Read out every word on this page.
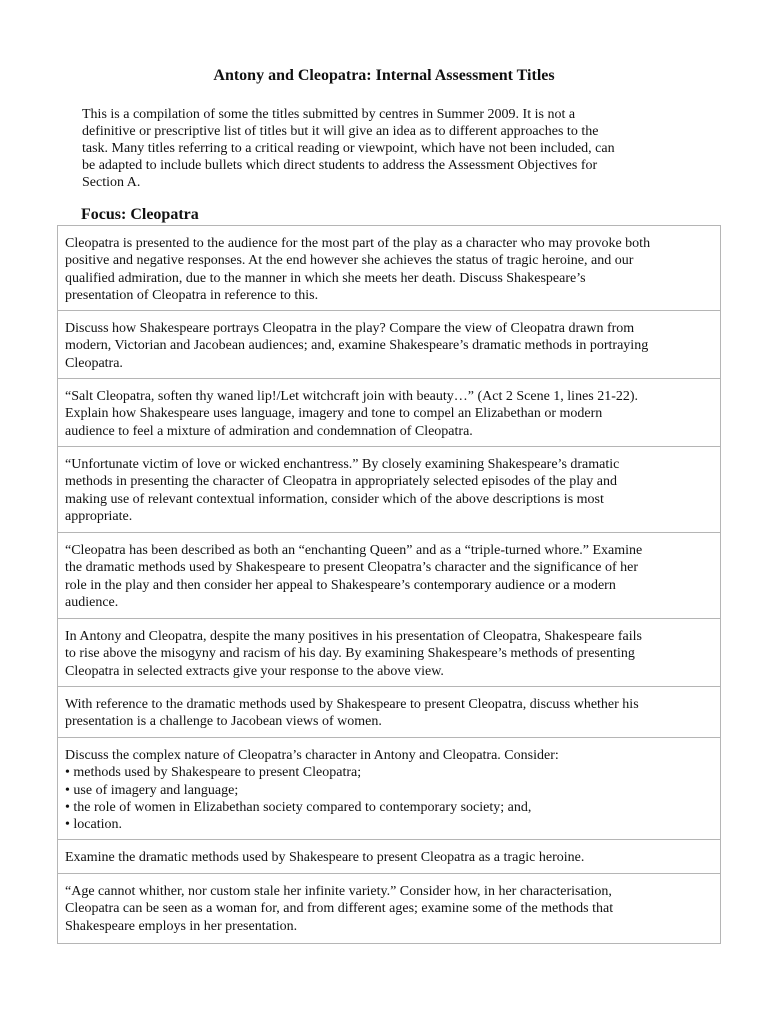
Antony and Cleopatra: Internal Assessment Titles
This is a compilation of some the titles submitted by centres in Summer 2009. It is not a
definitive or prescriptive list of titles but it will give an idea as to different approaches to the
task. Many titles referring to a critical reading or viewpoint, which have not been included, can
be adapted to include bullets which direct students to address the Assessment Objectives for
Section A.
Focus: Cleopatra
Cleopatra is presented to the audience for the most part of the play as a character who may provoke both
positive and negative responses. At the end however she achieves the status of tragic heroine, and our
qualified admiration, due to the manner in which she meets her death. Discuss Shakespeare’s
presentation of Cleopatra in reference to this.
Discuss how Shakespeare portrays Cleopatra in the play? Compare the view of Cleopatra drawn from
modern, Victorian and Jacobean audiences; and, examine Shakespeare’s dramatic methods in portraying
Cleopatra.
“Salt Cleopatra, soften thy waned lip!/Let witchcraft join with beauty…” (Act 2 Scene 1, lines 21-22).
Explain how Shakespeare uses language, imagery and tone to compel an Elizabethan or modern
audience to feel a mixture of admiration and condemnation of Cleopatra.
“Unfortunate victim of love or wicked enchantress.” By closely examining Shakespeare’s dramatic
methods in presenting the character of Cleopatra in appropriately selected episodes of the play and
making use of relevant contextual information, consider which of the above descriptions is most
appropriate.
“Cleopatra has been described as both an “enchanting Queen” and as a “triple-turned whore.” Examine
the dramatic methods used by Shakespeare to present Cleopatra’s character and the significance of her
role in the play and then consider her appeal to Shakespeare’s contemporary audience or a modern
audience.
In Antony and Cleopatra, despite the many positives in his presentation of Cleopatra, Shakespeare fails
to rise above the misogyny and racism of his day. By examining Shakespeare’s methods of presenting
Cleopatra in selected extracts give your response to the above view.
With reference to the dramatic methods used by Shakespeare to present Cleopatra, discuss whether his
presentation is a challenge to Jacobean views of women.
Discuss the complex nature of Cleopatra’s character in Antony and Cleopatra. Consider:
• methods used by Shakespeare to present Cleopatra;
• use of imagery and language;
• the role of women in Elizabethan society compared to contemporary society; and,
• location.
Examine the dramatic methods used by Shakespeare to present Cleopatra as a tragic heroine.
“Age cannot whither, nor custom stale her infinite variety.” Consider how, in her characterisation,
Cleopatra can be seen as a woman for, and from different ages; examine some of the methods that
Shakespeare employs in her presentation.
